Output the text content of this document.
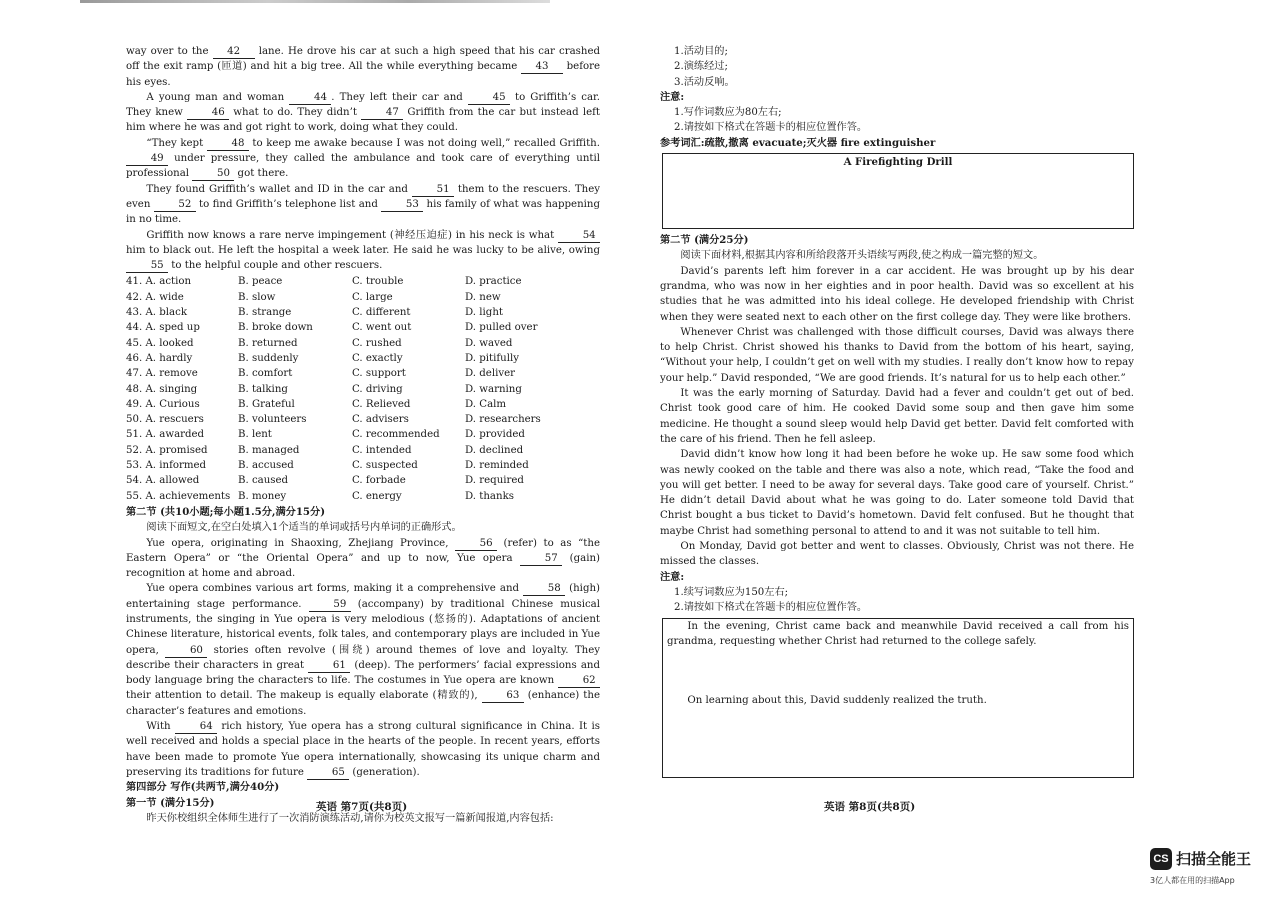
way over to the 42 lane. He drove his car at such a high speed that his car crashed off the exit ramp (匝道) and hit a big tree. All the while everything became 43 before his eyes.

A young man and woman 44 . They left their car and 45 to Griffith’s car. They knew 46 what to do. They didn’t 47 Griffith from the car but instead left him where he was and got right to work, doing what they could.

“They kept 48 to keep me awake because I was not doing well,” recalled Griffith. 49 under pressure, they called the ambulance and took care of everything until professional 50 got there.

They found Griffith’s wallet and ID in the car and 51 them to the rescuers. They even 52 to find Griffith’s telephone list and 53 his family of what was happening in no time.

Griffith now knows a rare nerve impingement (神经压迫症) in his neck is what 54 him to black out. He left the hospital a week later. He said he was lucky to be alive, owing 55 to the helpful couple and other rescuers.

41. A. action	B. peace	C. trouble	D. practice
42. A. wide	B. slow	C. large	D. new
43. A. black	B. strange	C. different	D. light
44. A. sped up	B. broke down	C. went out	D. pulled over
45. A. looked	B. returned	C. rushed	D. waved
46. A. hardly	B. suddenly	C. exactly	D. pitifully
47. A. remove	B. comfort	C. support	D. deliver
48. A. singing	B. talking	C. driving	D. warning
49. A. Curious	B. Grateful	C. Relieved	D. Calm
50. A. rescuers	B. volunteers	C. advisers	D. researchers
51. A. awarded	B. lent	C. recommended	D. provided
52. A. promised	B. managed	C. intended	D. declined
53. A. informed	B. accused	C. suspected	D. reminded
54. A. allowed	B. caused	C. forbade	D. required
55. A. achievements B. money	C. energy	D. thanks

第二节 (共10小题;每小题1.5分,满分15分)

阅读下面短文,在空白处填入1个适当的单词或括号内单词的正确形式。

Yue opera, originating in Shaoxing, Zhejiang Province, 56 (refer) to as “the Eastern Opera” or “the Oriental Opera” and up to now, Yue opera 57 (gain) recognition at home and abroad.

Yue opera combines various art forms, making it a comprehensive and 58 (high) entertaining stage performance. 59 (accompany) by traditional Chinese musical instruments, the singing in Yue opera is very melodious (悠扬的). Adaptations of ancient Chinese literature, historical events, folk tales, and contemporary plays are included in Yue opera, 60 stories often revolve (围绕) around themes of love and loyalty. They describe their characters in great 61 (deep). The performers’ facial expressions and body language bring the characters to life. The costumes in Yue opera are known 62 their attention to detail. The makeup is equally elaborate (精致的), 63 (enhance) the character’s features and emotions.

With 64 rich history, Yue opera has a strong cultural significance in China. It is well received and holds a special place in the hearts of the people. In recent years, efforts have been made to promote Yue opera internationally, showcasing its unique charm and preserving its traditions for future 65 (generation).

第四部分 写作(共两节,满分40分)

第一节 (满分15分)

昨天你校组织全体师生进行了一次消防演练活动,请你为校英文报写一篇新闻报道,内容包括:

英语 第7页(共8页)

1.活动目的;

2.演练经过;

3.活动反响。

注意:

1.写作词数应为80左右;

2.请按如下格式在答题卡的相应位置作答。

参考词汇:疏散,撤离 evacuate;灭火器 fire extinguisher

A Firefighting Drill

第二节 (满分25分)

阅读下面材料,根据其内容和所给段落开头语续写两段,使之构成一篇完整的短文。

David’s parents left him forever in a car accident. He was brought up by his dear grandma, who was now in her eighties and in poor health. David was so excellent at his studies that he was admitted into his ideal college. He developed friendship with Christ when they were seated next to each other on the first college day. They were like brothers.

Whenever Christ was challenged with those difficult courses, David was always there to help Christ. Christ showed his thanks to David from the bottom of his heart, saying, “Without your help, I couldn’t get on well with my studies. I really don’t know how to repay your help.” David responded, “We are good friends. It’s natural for us to help each other.”

It was the early morning of Saturday. David had a fever and couldn’t get out of bed. Christ took good care of him. He cooked David some soup and then gave him some medicine. He thought a sound sleep would help David get better. David felt comforted with the care of his friend. Then he fell asleep.

David didn’t know how long it had been before he woke up. He saw some food which was newly cooked on the table and there was also a note, which read, “Take the food and you will get better. I need to be away for several days. Take good care of yourself. Christ.” He didn’t detail David about what he was going to do. Later someone told David that Christ bought a bus ticket to David’s hometown. David felt confused. But he thought that maybe Christ had something personal to attend to and it was not suitable to tell him.

On Monday, David got better and went to classes. Obviously, Christ was not there. He missed the classes.

注意:

1.续写词数应为150左右;

2.请按如下格式在答题卡的相应位置作答。

In the evening, Christ came back and meanwhile David received a call from his grandma, requesting whether Christ had returned to the college safely.

On learning about this, David suddenly realized the truth.

英语 第8页(共8页)
CS 扫描全能王
3亿人都在用的扫描App
